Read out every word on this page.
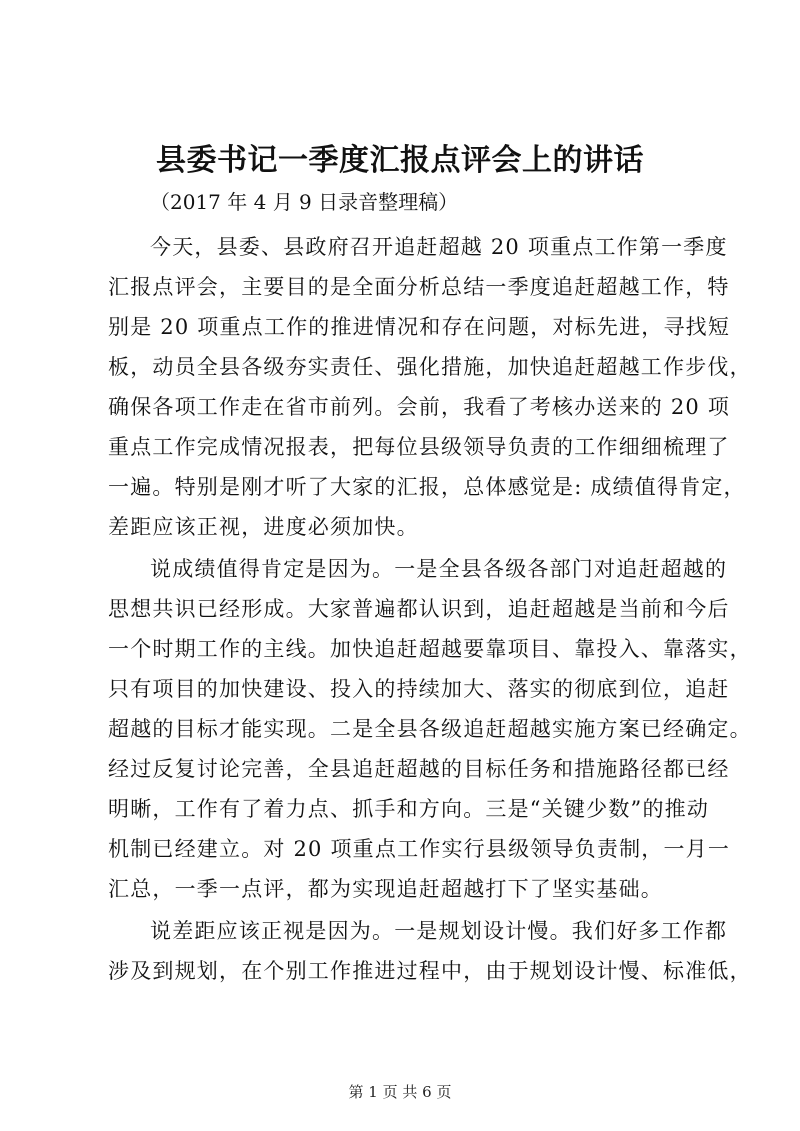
县委书记一季度汇报点评会上的讲话
（2017 年 4 月 9 日录音整理稿）
今天，县委、县政府召开追赶超越 20 项重点工作第一季度
汇报点评会，主要目的是全面分析总结一季度追赶超越工作，特
别是 20 项重点工作的推进情况和存在问题，对标先进，寻找短
板，动员全县各级夯实责任、强化措施，加快追赶超越工作步伐，
确保各项工作走在省市前列。会前，我看了考核办送来的 20 项
重点工作完成情况报表，把每位县级领导负责的工作细细梳理了
一遍。特别是刚才听了大家的汇报，总体感觉是: 成绩值得肯定，
差距应该正视，进度必须加快。
说成绩值得肯定是因为。一是全县各级各部门对追赶超越的
思想共识已经形成。大家普遍都认识到，追赶超越是当前和今后
一个时期工作的主线。加快追赶超越要靠项目、靠投入、靠落实，
只有项目的加快建设、投入的持续加大、落实的彻底到位，追赶
超越的目标才能实现。二是全县各级追赶超越实施方案已经确定。
经过反复讨论完善，全县追赶超越的目标任务和措施路径都已经
明晰，工作有了着力点、抓手和方向。三是“关键少数”的推动
机制已经建立。对 20 项重点工作实行县级领导负责制，一月一
汇总，一季一点评，都为实现追赶超越打下了坚实基础。
说差距应该正视是因为。一是规划设计慢。我们好多工作都
涉及到规划，在个别工作推进过程中，由于规划设计慢、标准低，
第 1 页 共 6 页
